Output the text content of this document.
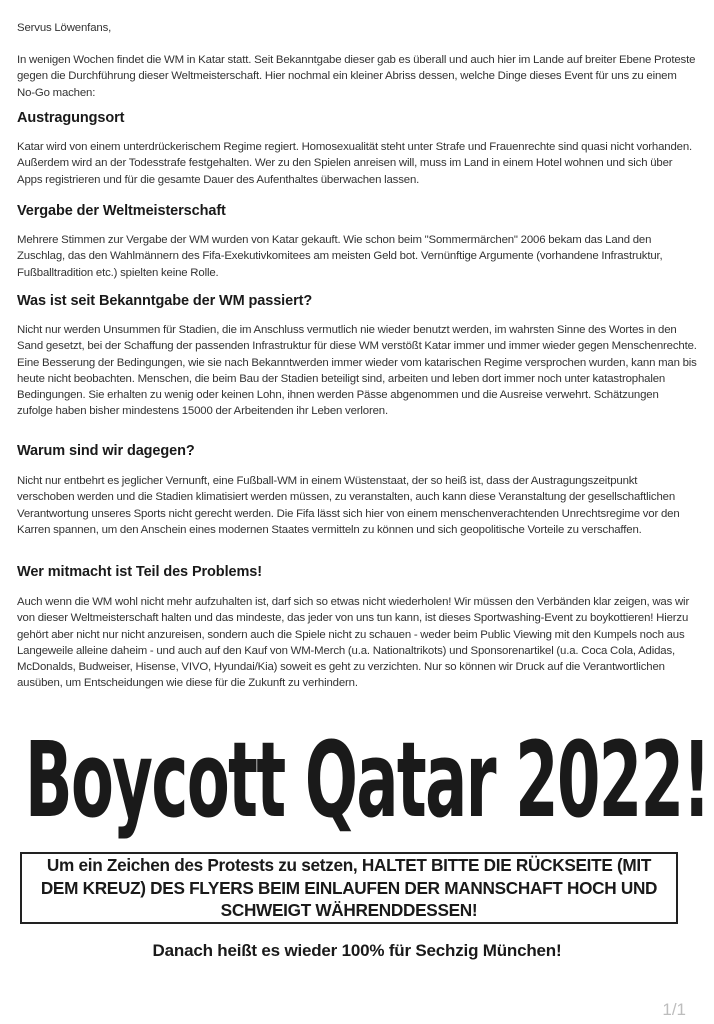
Servus Löwenfans,

In wenigen Wochen findet die WM in Katar statt. Seit Bekanntgabe dieser gab es überall und auch hier im Lande auf breiter Ebene Proteste gegen die Durchführung dieser Weltmeisterschaft. Hier nochmal ein kleiner Abriss dessen, welche Dinge dieses Event für uns zu einem No-Go machen:

Austragungsort

Katar wird von einem unterdrückerischem Regime regiert. Homosexualität steht unter Strafe und Frauenrechte sind quasi nicht vorhanden. Außerdem wird an der Todesstrafe festgehalten. Wer zu den Spielen anreisen will, muss im Land in einem Hotel wohnen und sich über Apps registrieren und für die gesamte Dauer des Aufenthaltes überwachen lassen.

Vergabe der Weltmeisterschaft

Mehrere Stimmen zur Vergabe der WM wurden von Katar gekauft. Wie schon beim "Sommermärchen" 2006 bekam das Land den Zuschlag, das den Wahlmännern des Fifa-Exekutivkomitees am meisten Geld bot. Vernünftige Argumente (vorhandene Infrastruktur, Fußballtradition etc.) spielten keine Rolle.

Was ist seit Bekanntgabe der WM passiert?

Nicht nur werden Unsummen für Stadien, die im Anschluss vermutlich nie wieder benutzt werden, im wahrsten Sinne des Wortes in den Sand gesetzt, bei der Schaffung der passenden Infrastruktur für diese WM verstößt Katar immer und immer wieder gegen Menschenrechte. Eine Besserung der Bedingungen, wie sie nach Bekanntwerden immer wieder vom katarischen Regime versprochen wurden, kann man bis heute nicht beobachten. Menschen, die beim Bau der Stadien beteiligt sind, arbeiten und leben dort immer noch unter katastrophalen Bedingungen. Sie erhalten zu wenig oder keinen Lohn, ihnen werden Pässe abgenommen und die Ausreise verwehrt. Schätzungen zufolge haben bisher mindestens 15000 der Arbeitenden ihr Leben verloren.

Warum sind wir dagegen?

Nicht nur entbehrt es jeglicher Vernunft, eine Fußball-WM in einem Wüstenstaat, der so heiß ist, dass der Austragungszeitpunkt verschoben werden und die Stadien klimatisiert werden müssen, zu veranstalten, auch kann diese Veranstaltung der gesellschaftlichen Verantwortung unseres Sports nicht gerecht werden. Die Fifa lässt sich hier von einem menschenverachtenden Unrechtsregime vor den Karren spannen, um den Anschein eines modernen Staates vermitteln zu können und sich geopolitische Vorteile zu verschaffen.

Wer mitmacht ist Teil des Problems!

Auch wenn die WM wohl nicht mehr aufzuhalten ist, darf sich so etwas nicht wiederholen! Wir müssen den Verbänden klar zeigen, was wir von dieser Weltmeisterschaft halten und das mindeste, das jeder von uns tun kann, ist dieses Sportwashing-Event zu boykottieren! Hierzu gehört aber nicht nur nicht anzureisen, sondern auch die Spiele nicht zu schauen - weder beim Public Viewing mit den Kumpels noch aus Langeweile alleine daheim - und auch auf den Kauf von WM-Merch (u.a. Nationaltrikots) und Sponsorenartikel (u.a. Coca Cola, Adidas, McDonalds, Budweiser, Hisense, VIVO, Hyundai/Kia) soweit es geht zu verzichten. Nur so können wir Druck auf die Verantwortlichen ausüben, um Entscheidungen wie diese für die Zukunft zu verhindern.

Boycott Qatar 2022!

Um ein Zeichen des Protests zu setzen, HALTET BITTE DIE RÜCKSEITE (MIT DEM KREUZ) DES FLYERS BEIM EINLAUFEN DER MANNSCHAFT HOCH UND SCHWEIGT WÄHRENDDESSEN!

Danach heißt es wieder 100% für Sechzig München!

1/1
